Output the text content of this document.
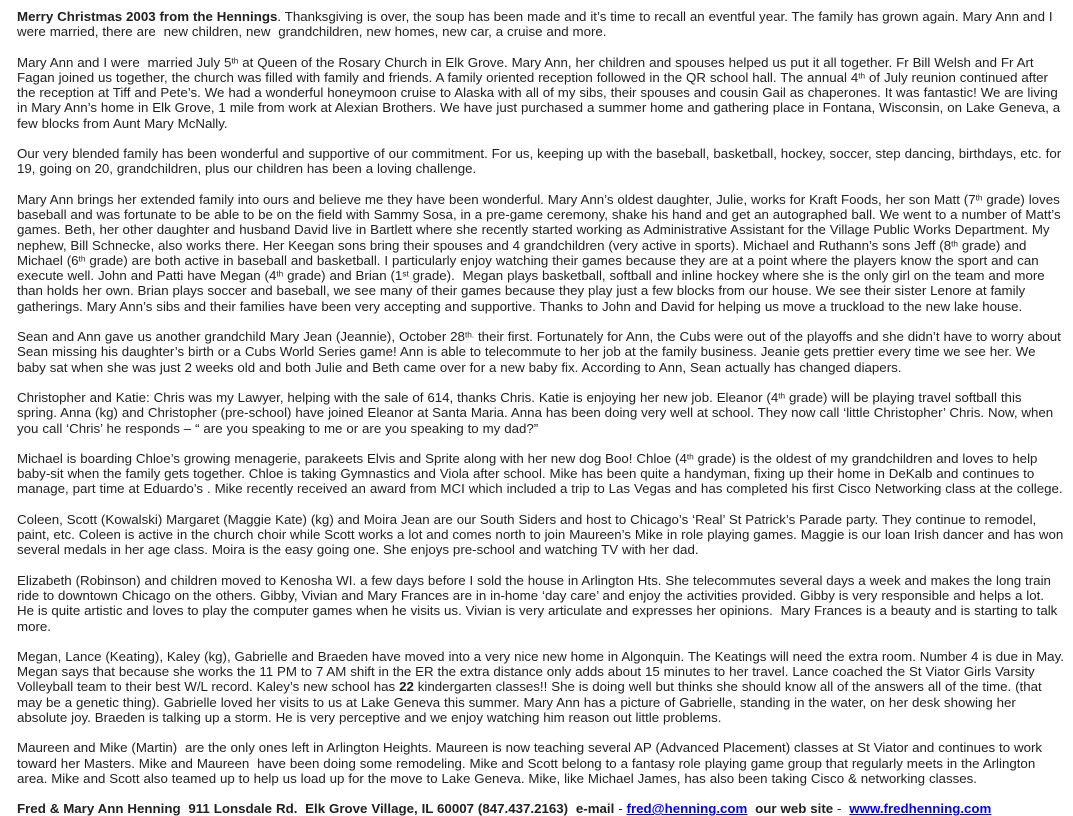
Merry Christmas 2003 from the Hennings. Thanksgiving is over, the soup has been made and it’s time to recall an eventful year. The family has grown again. Mary Ann and I were married, there are  new children, new  grandchildren, new homes, new car, a cruise and more.

Mary Ann and I were  married July 5th at Queen of the Rosary Church in Elk Grove. Mary Ann, her children and spouses helped us put it all together. Fr Bill Welsh and Fr Art Fagan joined us together, the church was filled with family and friends. A family oriented reception followed in the QR school hall. The annual 4th of July reunion continued after the reception at Tiff and Pete’s. We had a wonderful honeymoon cruise to Alaska with all of my sibs, their spouses and cousin Gail as chaperones. It was fantastic! We are living in Mary Ann’s home in Elk Grove, 1 mile from work at Alexian Brothers. We have just purchased a summer home and gathering place in Fontana, Wisconsin, on Lake Geneva, a few blocks from Aunt Mary McNally.

Our very blended family has been wonderful and supportive of our commitment. For us, keeping up with the baseball, basketball, hockey, soccer, step dancing, birthdays, etc. for 19, going on 20, grandchildren, plus our children has been a loving challenge.

Mary Ann brings her extended family into ours and believe me they have been wonderful. Mary Ann’s oldest daughter, Julie, works for Kraft Foods, her son Matt (7th grade) loves baseball and was fortunate to be able to be on the field with Sammy Sosa, in a pre-game ceremony, shake his hand and get an autographed ball. We went to a number of Matt’s games. Beth, her other daughter and husband David live in Bartlett where she recently started working as Administrative Assistant for the Village Public Works Department. My nephew, Bill Schnecke, also works there. Her Keegan sons bring their spouses and 4 grandchildren (very active in sports). Michael and Ruthann’s sons Jeff (8th grade) and Michael (6th grade) are both active in baseball and basketball. I particularly enjoy watching their games because they are at a point where the players know the sport and can execute well. John and Patti have Megan (4th grade) and Brian (1st grade).  Megan plays basketball, softball and inline hockey where she is the only girl on the team and more than holds her own. Brian plays soccer and baseball, we see many of their games because they play just a few blocks from our house. We see their sister Lenore at family gatherings. Mary Ann’s sibs and their families have been very accepting and supportive. Thanks to John and David for helping us move a truckload to the new lake house.

Sean and Ann gave us another grandchild Mary Jean (Jeannie), October $28^{th.}$ their first. Fortunately for Ann, the Cubs were out of the playoffs and she didn’t have to worry about Sean missing his daughter’s birth or a Cubs World Series game! Ann is able to telecommute to her job at the family business. Jeanie gets prettier every time we see her. We baby sat when she was just 2 weeks old and both Julie and Beth came over for a new baby fix. According to Ann, Sean actually has changed diapers.

Christopher and Katie: Chris was my Lawyer, helping with the sale of 614, thanks Chris. Katie is enjoying her new job. Eleanor (4th grade) will be playing travel softball this spring. Anna (kg) and Christopher (pre-school) have joined Eleanor at Santa Maria. Anna has been doing very well at school. They now call ‘little Christopher’ Chris. Now, when you call ‘Chris’ he responds – “ are you speaking to me or are you speaking to my dad?”

Michael is boarding Chloe’s growing menagerie, parakeets Elvis and Sprite along with her new dog Boo! Chloe (4th grade) is the oldest of my grandchildren and loves to help baby-sit when the family gets together. Chloe is taking Gymnastics and Viola after school. Mike has been quite a handyman, fixing up their home in DeKalb and continues to manage, part time at Eduardo’s . Mike recently received an award from MCI which included a trip to Las Vegas and has completed his first Cisco Networking class at the college.

Coleen, Scott (Kowalski) Margaret (Maggie Kate) (kg) and Moira Jean are our South Siders and host to Chicago’s ‘Real’ St Patrick’s Parade party. They continue to remodel, paint, etc. Coleen is active in the church choir while Scott works a lot and comes north to join Maureen’s Mike in role playing games. Maggie is our loan Irish dancer and has won several medals in her age class. Moira is the easy going one. She enjoys pre-school and watching TV with her dad.

Elizabeth (Robinson) and children moved to Kenosha WI. a few days before I sold the house in Arlington Hts. She telecommutes several days a week and makes the long train ride to downtown Chicago on the others. Gibby, Vivian and Mary Frances are in in-home ‘day care’ and enjoy the activities provided. Gibby is very responsible and helps a lot. He is quite artistic and loves to play the computer games when he visits us. Vivian is very articulate and expresses her opinions.  Mary Frances is a beauty and is starting to talk more.

Megan, Lance (Keating), Kaley (kg), Gabrielle and Braeden have moved into a very nice new home in Algonquin. The Keatings will need the extra room. Number 4 is due in May. Megan says that because she works the 11 PM to 7 AM shift in the ER the extra distance only adds about 15 minutes to her travel. Lance coached the St Viator Girls Varsity Volleyball team to their best W/L record. Kaley’s new school has 22 kindergarten classes!! She is doing well but thinks she should know all of the answers all of the time. (that may be a genetic thing). Gabrielle loved her visits to us at Lake Geneva this summer. Mary Ann has a picture of Gabrielle, standing in the water, on her desk showing her absolute joy. Braeden is talking up a storm. He is very perceptive and we enjoy watching him reason out little problems.

Maureen and Mike (Martin)  are the only ones left in Arlington Heights. Maureen is now teaching several AP (Advanced Placement) classes at St Viator and continues to work toward her Masters. Mike and Maureen  have been doing some remodeling. Mike and Scott belong to a fantasy role playing game group that regularly meets in the Arlington area. Mike and Scott also teamed up to help us load up for the move to Lake Geneva. Mike, like Michael James, has also been taking Cisco & networking classes.

Fred & Mary Ann Henning  911 Lonsdale Rd.  Elk Grove Village, IL 60007 (847.437.2163)  e-mail - fred@henning.com  our web site -  www.fredhenning.com
